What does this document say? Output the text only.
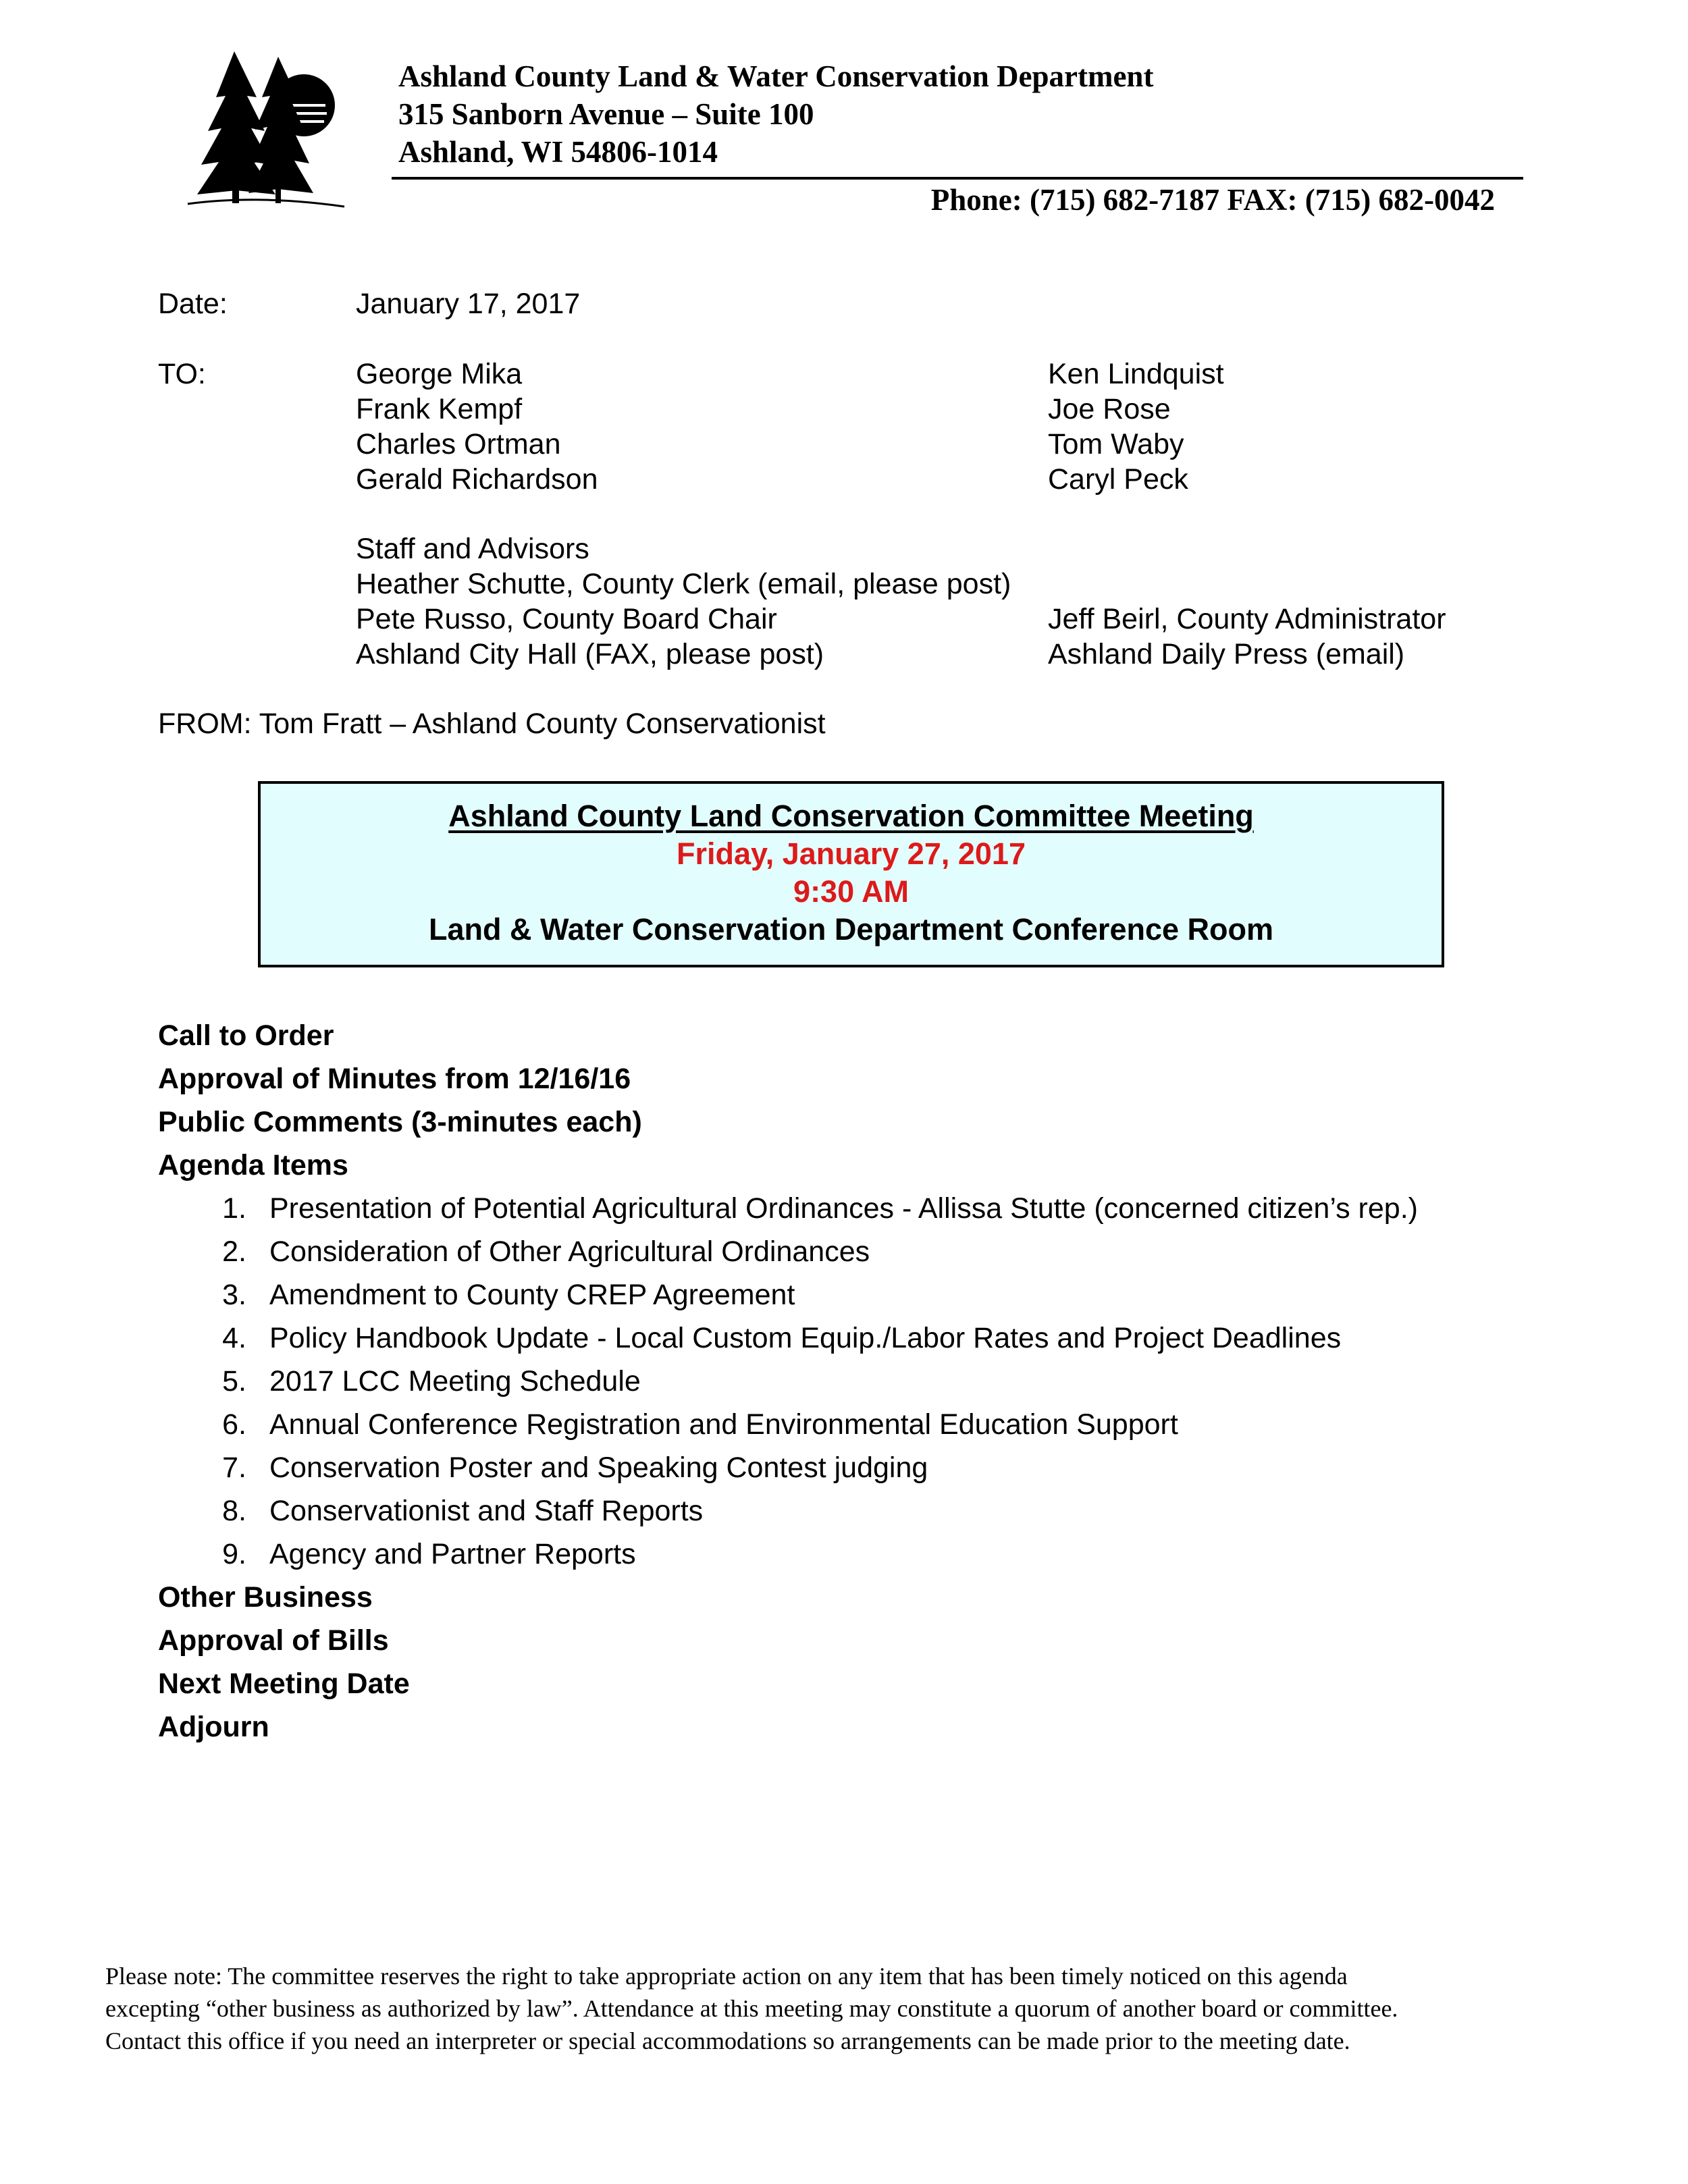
Ashland County Land & Water Conservation Department
315 Sanborn Avenue – Suite 100
Ashland, WI 54806-1014
Phone: (715) 682-7187 FAX: (715) 682-0042
Date:	January 17, 2017
TO:	George Mika
Frank Kempf
Charles Ortman
Gerald Richardson
Ken Lindquist
Joe Rose
Tom Waby
Caryl Peck
Staff and Advisors
Heather Schutte, County Clerk (email, please post)
Pete Russo, County Board Chair
Ashland City Hall (FAX, please post)
Jeff Beirl, County Administrator
Ashland Daily Press (email)
FROM: Tom Fratt – Ashland County Conservationist
Ashland County Land Conservation Committee Meeting
Friday, January 27, 2017
9:30 AM
Land & Water Conservation Department Conference Room
Call to Order
Approval of Minutes from 12/16/16
Public Comments (3-minutes each)
Agenda Items
1. Presentation of Potential Agricultural Ordinances - Allissa Stutte (concerned citizen’s rep.)
2. Consideration of Other Agricultural Ordinances
3. Amendment to County CREP Agreement
4. Policy Handbook Update - Local Custom Equip./Labor Rates and Project Deadlines
5. 2017 LCC Meeting Schedule
6. Annual Conference Registration and Environmental Education Support
7. Conservation Poster and Speaking Contest judging
8. Conservationist and Staff Reports
9. Agency and Partner Reports
Other Business
Approval of Bills
Next Meeting Date
Adjourn
Please note: The committee reserves the right to take appropriate action on any item that has been timely noticed on this agenda
excepting “other business as authorized by law”. Attendance at this meeting may constitute a quorum of another board or committee.
Contact this office if you need an interpreter or special accommodations so arrangements can be made prior to the meeting date.
